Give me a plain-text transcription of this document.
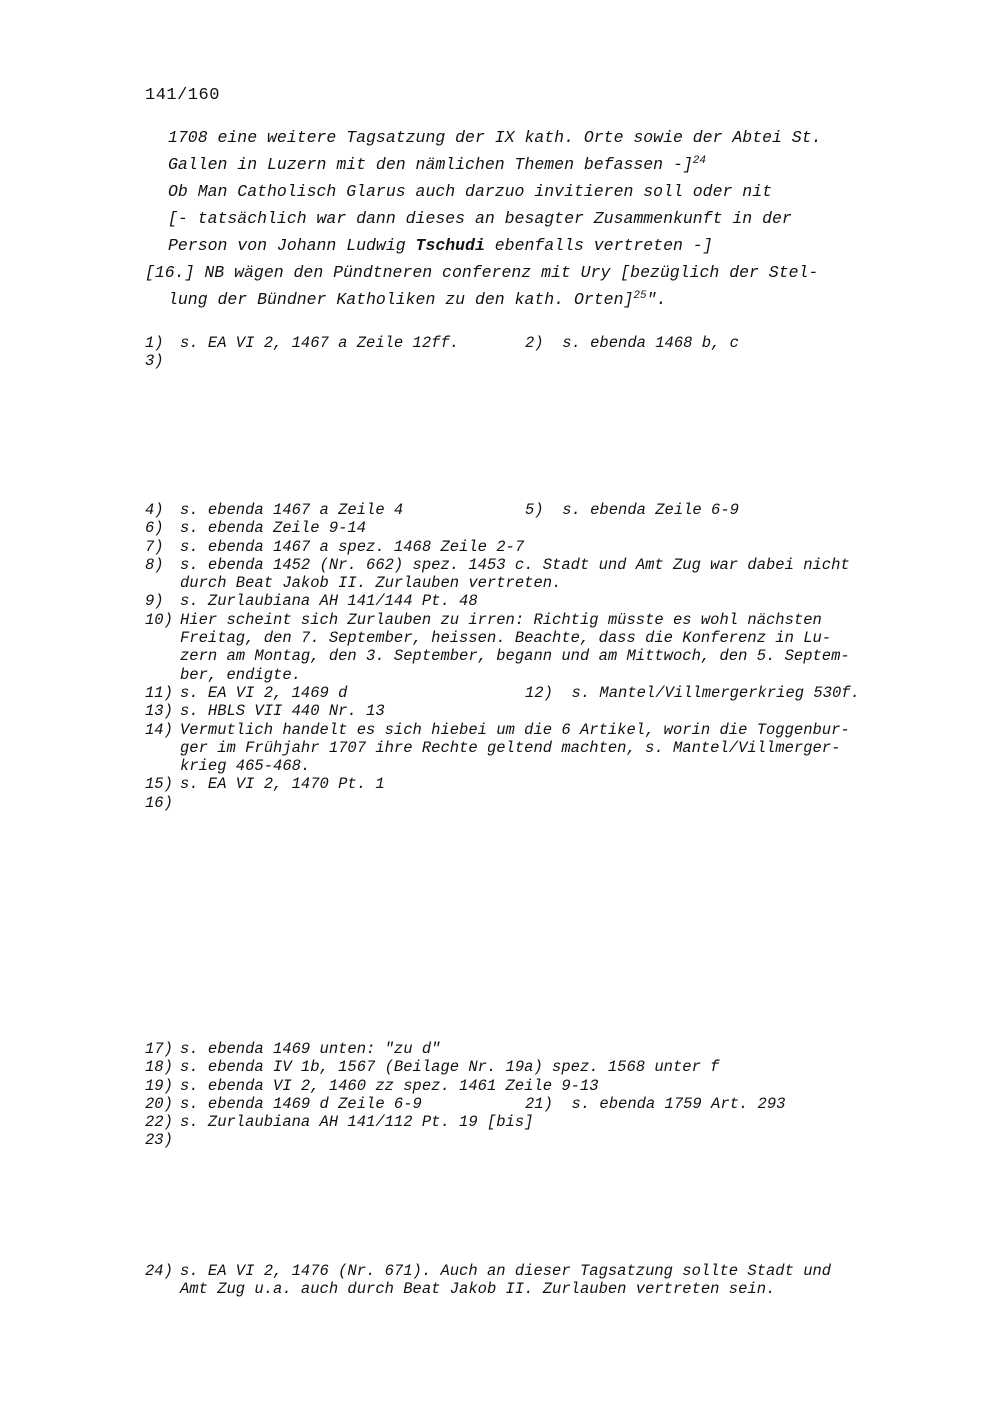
141/160
1708 eine weitere Tagsatzung der IX kath. Orte sowie der Abtei St.
Gallen in Luzern mit den nämlichen Themen befassen -]$^{24}$
Ob Man Catholisch Glarus auch darzuo invitieren soll oder nit
[- tatsächlich war dann dieses an besagter Zusammenkunft in der
Person von Johann Ludwig Tschudi ebenfalls vertreten -]
[16.] NB wägen den Pündtneren conferenz mit Ury [bezüglich der Stel-
lung der Bündner Katholiken zu den kath. Orten]$^{25}$".
1)	s. EA VI 2, 1467 a Zeile 12ff.	2)  s. ebenda 1468 b, c
3)
4)	s. ebenda 1467 a Zeile 4	5)  s. ebenda Zeile 6-9
6)	s. ebenda Zeile 9-14
7)	s. ebenda 1467 a spez. 1468 Zeile 2-7
8)	s. ebenda 1452 (Nr. 662) spez. 1453 c. Stadt und Amt Zug war dabei nicht
durch Beat Jakob II. Zurlauben vertreten.
9)	s. Zurlaubiana AH 141/144 Pt. 48
10) Hier scheint sich Zurlauben zu irren: Richtig müsste es wohl nächsten
Freitag, den 7. September, heissen. Beachte, dass die Konferenz in Lu-
zern am Montag, den 3. September, begann und am Mittwoch, den 5. Septem-
ber, endigte.
11) s. EA VI 2, 1469 d	12)  s. Mantel/Villmergerkrieg 530f.
13) s. HBLS VII 440 Nr. 13
14) Vermutlich handelt es sich hiebei um die 6 Artikel, worin die Toggenbur-
ger im Frühjahr 1707 ihre Rechte geltend machten, s. Mantel/Villmerger-
krieg 465-468.
15) s. EA VI 2, 1470 Pt. 1
16)
17) s. ebenda 1469 unten: "zu d"
18) s. ebenda IV 1b, 1567 (Beilage Nr. 19a) spez. 1568 unter f
19) s. ebenda VI 2, 1460 zz spez. 1461 Zeile 9-13
20) s. ebenda 1469 d Zeile 6-9	21)  s. ebenda 1759 Art. 293
22) s. Zurlaubiana AH 141/112 Pt. 19 [bis]
23)
24) s. EA VI 2, 1476 (Nr. 671). Auch an dieser Tagsatzung sollte Stadt und
Amt Zug u.a. auch durch Beat Jakob II. Zurlauben vertreten sein.
